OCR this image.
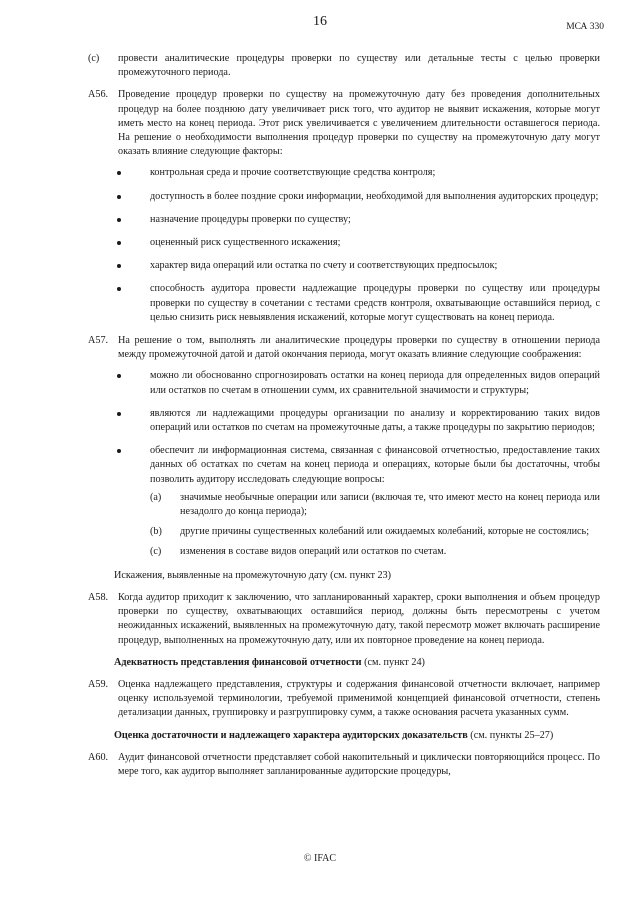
16	МСА 330
(c) провести аналитические процедуры проверки по существу или детальные тесты с целью проверки промежуточного периода.

A56. Проведение процедур проверки по существу на промежуточную дату без проведения дополнительных процедур на более позднюю дату увеличивает риск того, что аудитор не выявит искажения, которые могут иметь место на конец периода. Этот риск увеличивается с увеличением длительности оставшегося периода. На решение о необходимости выполнения процедур проверки по существу на промежуточную дату могут оказать влияние следующие факторы:

контрольная среда и прочие соответствующие средства контроля;

доступность в более поздние сроки информации, необходимой для выполнения аудиторских процедур;

назначение процедуры проверки по существу;

оцененный риск существенного искажения;

характер вида операций или остатка по счету и соответствующих предпосылок;

способность аудитора провести надлежащие процедуры проверки по существу или процедуры проверки по существу в сочетании с тестами средств контроля, охватывающие оставшийся период, с целью снизить риск невыявления искажений, которые могут существовать на конец периода.

A57. На решение о том, выполнять ли аналитические процедуры проверки по существу в отношении периода между промежуточной датой и датой окончания периода, могут оказать влияние следующие соображения:

можно ли обоснованно спрогнозировать остатки на конец периода для определенных видов операций или остатков по счетам в отношении сумм, их сравнительной значимости и структуры;

являются ли надлежащими процедуры организации по анализу и корректированию таких видов операций или остатков по счетам на промежуточные даты, а также процедуры по закрытию периодов;

обеспечит ли информационная система, связанная с финансовой отчетностью, предоставление таких данных об остатках по счетам на конец периода и операциях, которые были бы достаточны, чтобы позволить аудитору исследовать следующие вопросы:

(a) значимые необычные операции или записи (включая те, что имеют место на конец периода или незадолго до конца периода);

(b) другие причины существенных колебаний или ожидаемых колебаний, которые не состоялись;

(c) изменения в составе видов операций или остатков по счетам.

Искажения, выявленные на промежуточную дату (см. пункт 23)
A58. Когда аудитор приходит к заключению, что запланированный характер, сроки выполнения и объем процедур проверки по существу, охватывающих оставшийся период, должны быть пересмотрены с учетом неожиданных искажений, выявленных на промежуточную дату, такой пересмотр может включать расширение процедур, выполненных на промежуточную дату, или их повторное проведение на конец периода.

Адекватность представления финансовой отчетности (см. пункт 24)
A59. Оценка надлежащего представления, структуры и содержания финансовой отчетности включает, например оценку используемой терминологии, требуемой применимой концепцией финансовой отчетности, степень детализации данных, группировку и разгруппировку сумм, а также основания расчета указанных сумм.

Оценка достаточности и надлежащего характера аудиторских доказательств (см. пункты 25–27)
A60. Аудит финансовой отчетности представляет собой накопительный и циклически повторяющийся процесс. По мере того, как аудитор выполняет запланированные аудиторские процедуры,

© IFAC
